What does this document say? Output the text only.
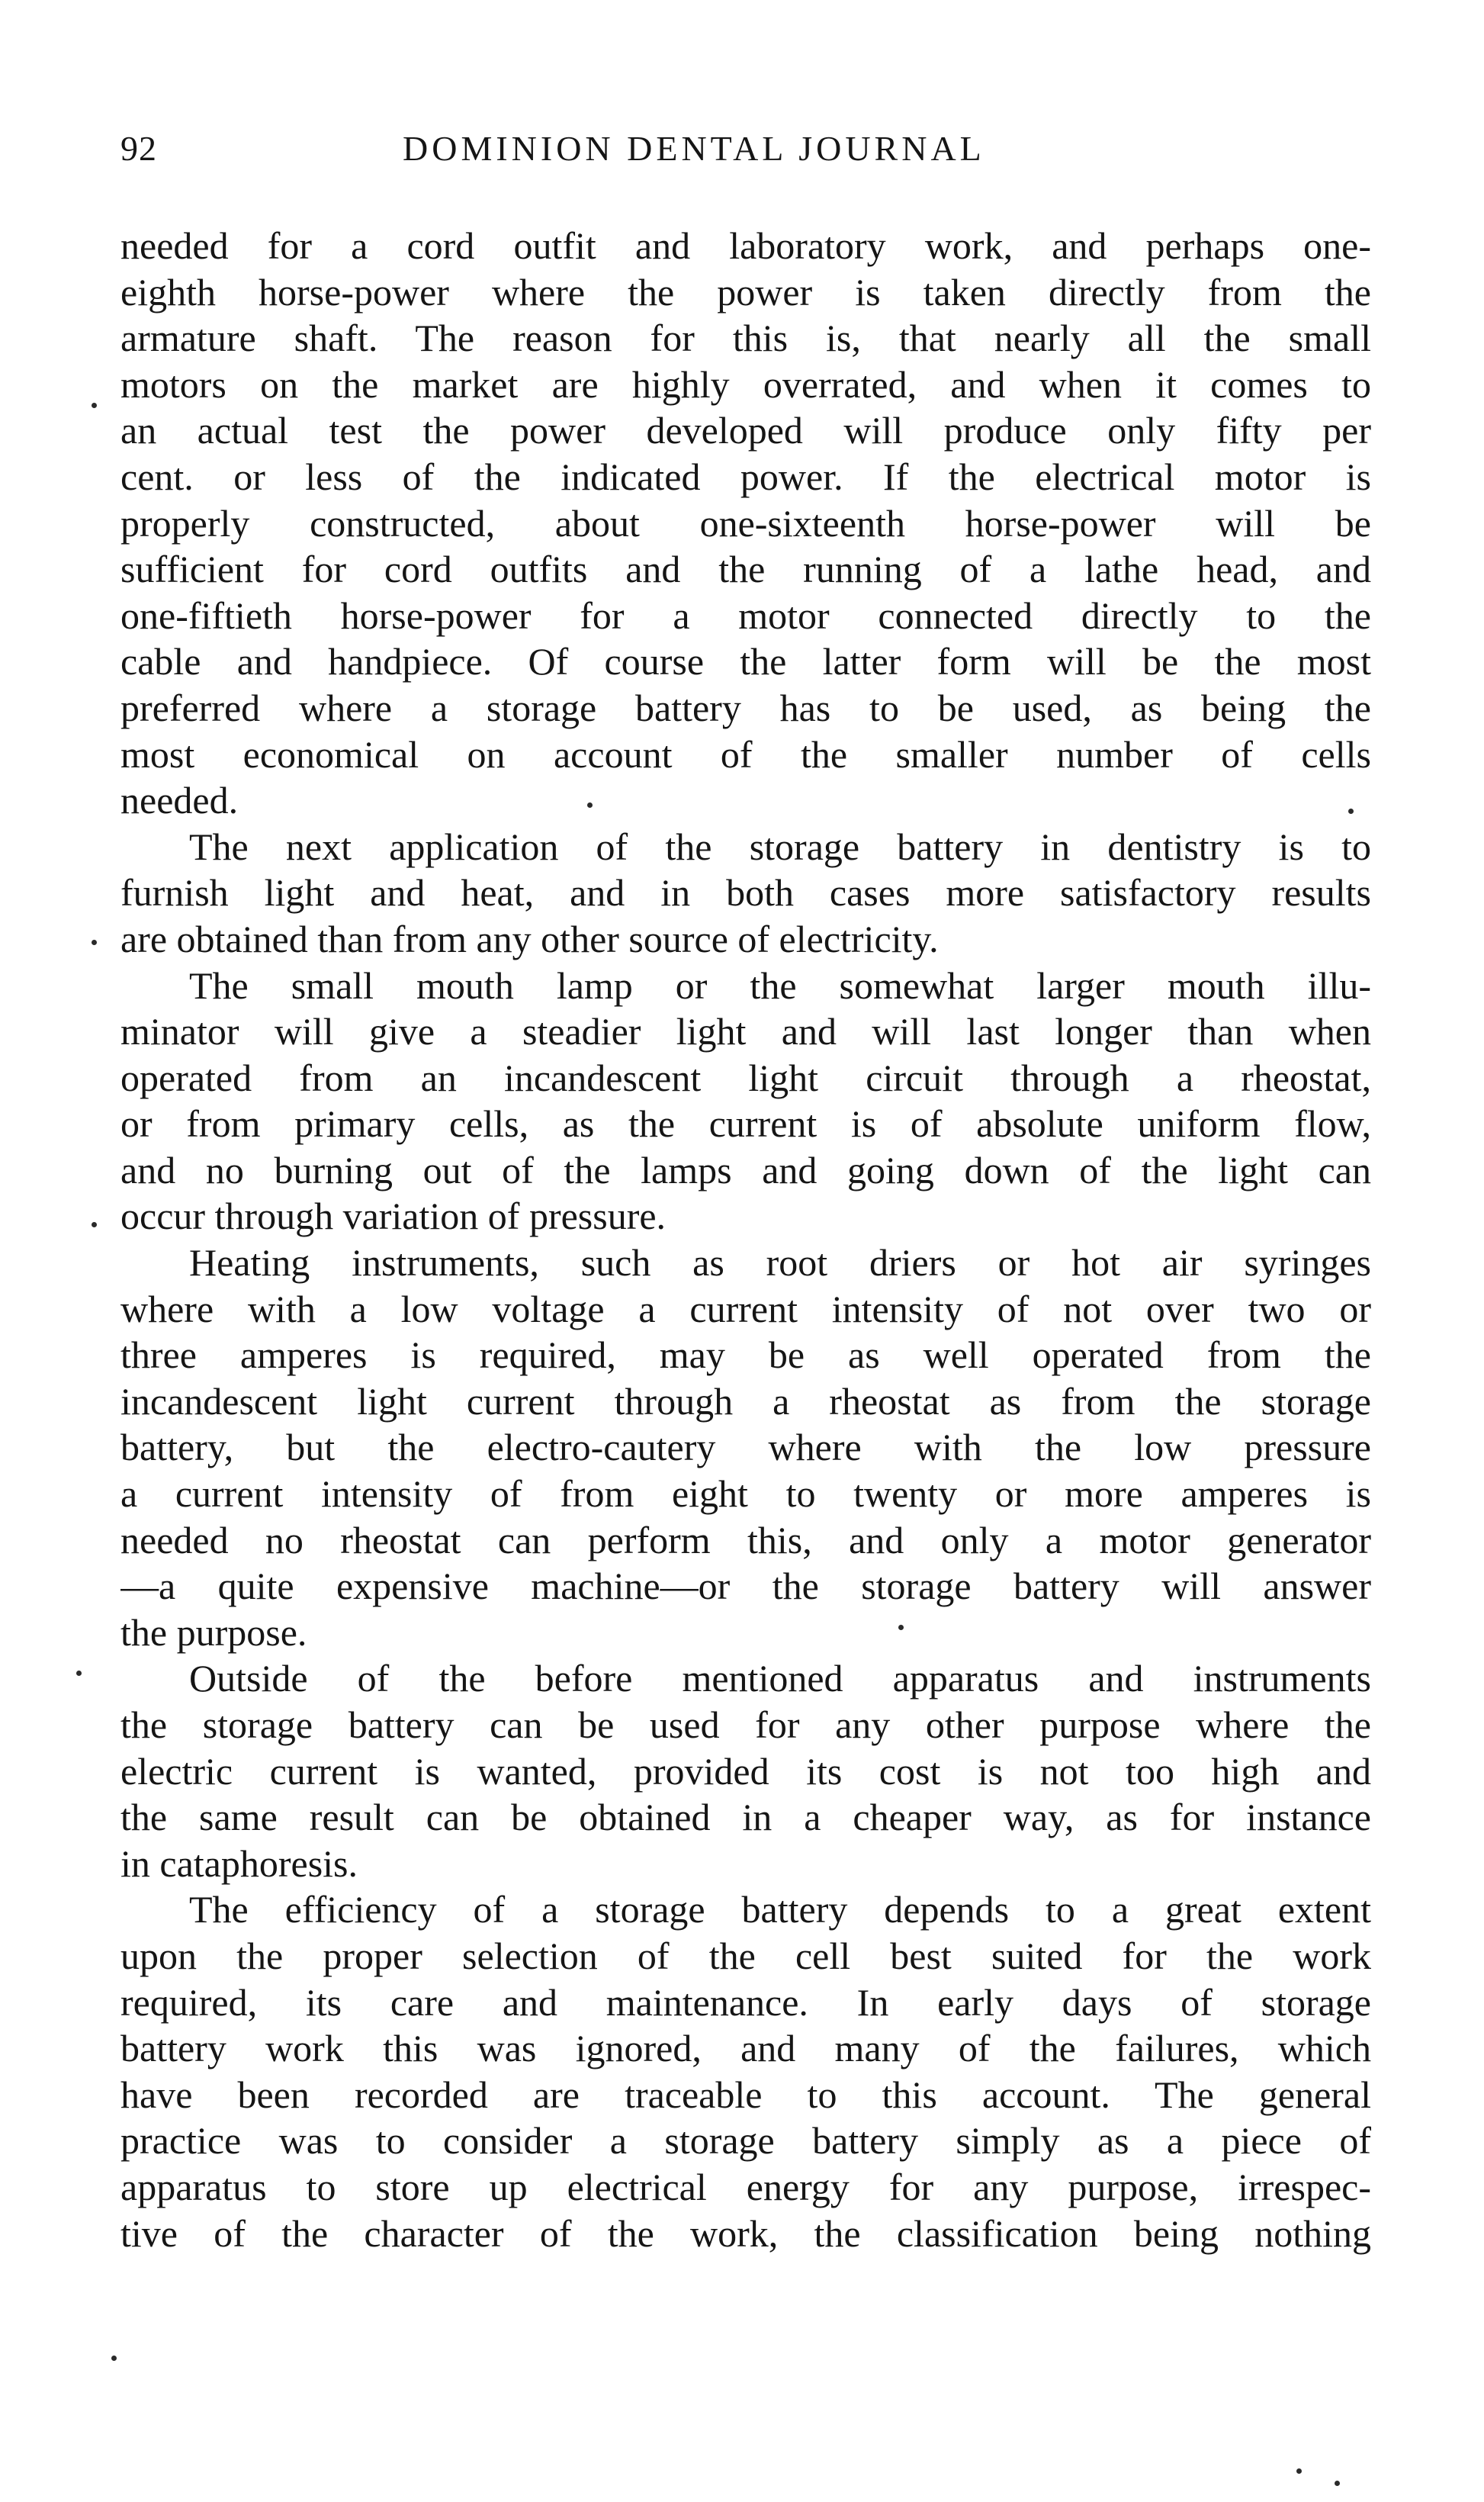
92	DOMINION DENTAL JOURNAL
needed for a cord outfit and laboratory work, and perhaps one-
eighth horse-power where the power is taken directly from the
armature shaft. The reason for this is, that nearly all the small
motors on the market are highly overrated, and when it comes to
an actual test the power developed will produce only fifty per
cent. or less of the indicated power. If the electrical motor is
properly constructed, about one-sixteenth horse-power will be
sufficient for cord outfits and the running of a lathe head, and
one-fiftieth horse-power for a motor connected directly to the
cable and handpiece. Of course the latter form will be the most
preferred where a storage battery has to be used, as being the
most economical on account of the smaller number of cells
needed.
The next application of the storage battery in dentistry is to
furnish light and heat, and in both cases more satisfactory results
are obtained than from any other source of electricity.
The small mouth lamp or the somewhat larger mouth illu-
minator will give a steadier light and will last longer than when
operated from an incandescent light circuit through a rheostat,
or from primary cells, as the current is of absolute uniform flow,
and no burning out of the lamps and going down of the light can
occur through variation of pressure.
Heating instruments, such as root driers or hot air syringes
where with a low voltage a current intensity of not over two or
three amperes is required, may be as well operated from the
incandescent light current through a rheostat as from the storage
battery, but the electro-cautery where with the low pressure
a current intensity of from eight to twenty or more amperes is
needed no rheostat can perform this, and only a motor generator
—a quite expensive machine—or the storage battery will answer
the purpose.
Outside of the before mentioned apparatus and instruments
the storage battery can be used for any other purpose where the
electric current is wanted, provided its cost is not too high and
the same result can be obtained in a cheaper way, as for instance
in cataphoresis.
The efficiency of a storage battery depends to a great extent
upon the proper selection of the cell best suited for the work
required, its care and maintenance. In early days of storage
battery work this was ignored, and many of the failures, which
have been recorded are traceable to this account. The general
practice was to consider a storage battery simply as a piece of
apparatus to store up electrical energy for any purpose, irrespec-
tive of the character of the work, the classification being nothing
